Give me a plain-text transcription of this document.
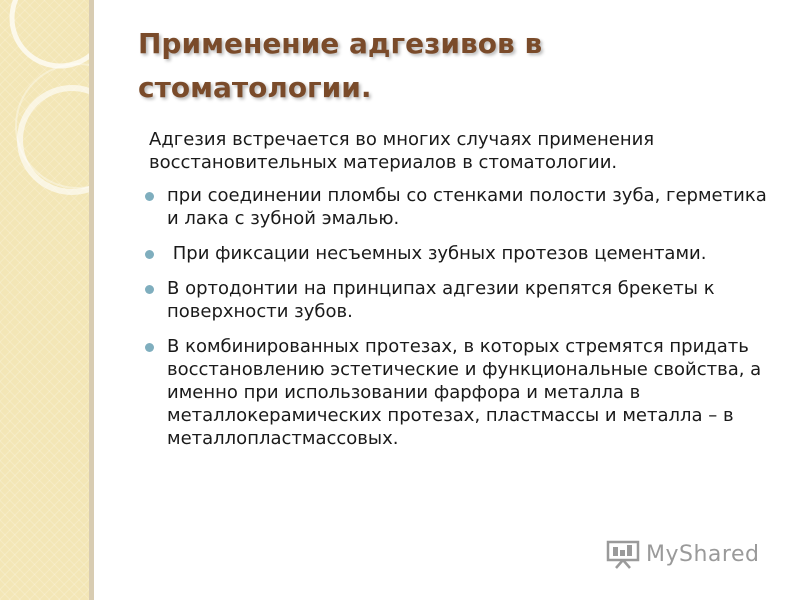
Применение адгезивов в стоматологии.

Адгезия встречается во многих случаях применения восстановительных материалов в стоматологии.

при соединении пломбы со стенками полости зуба, герметика и лака с зубной эмалью.
При фиксации несъемных зубных протезов цементами.
В ортодонтии на принципах адгезии крепятся брекеты к поверхности зубов.
В комбинированных протезах, в которых стремятся придать восстановлению эстетические и функциональные свойства, а именно при использовании фарфора и металла в металлокерамических протезах, пластмассы и металла – в металлопластмассовых.
MyShared
